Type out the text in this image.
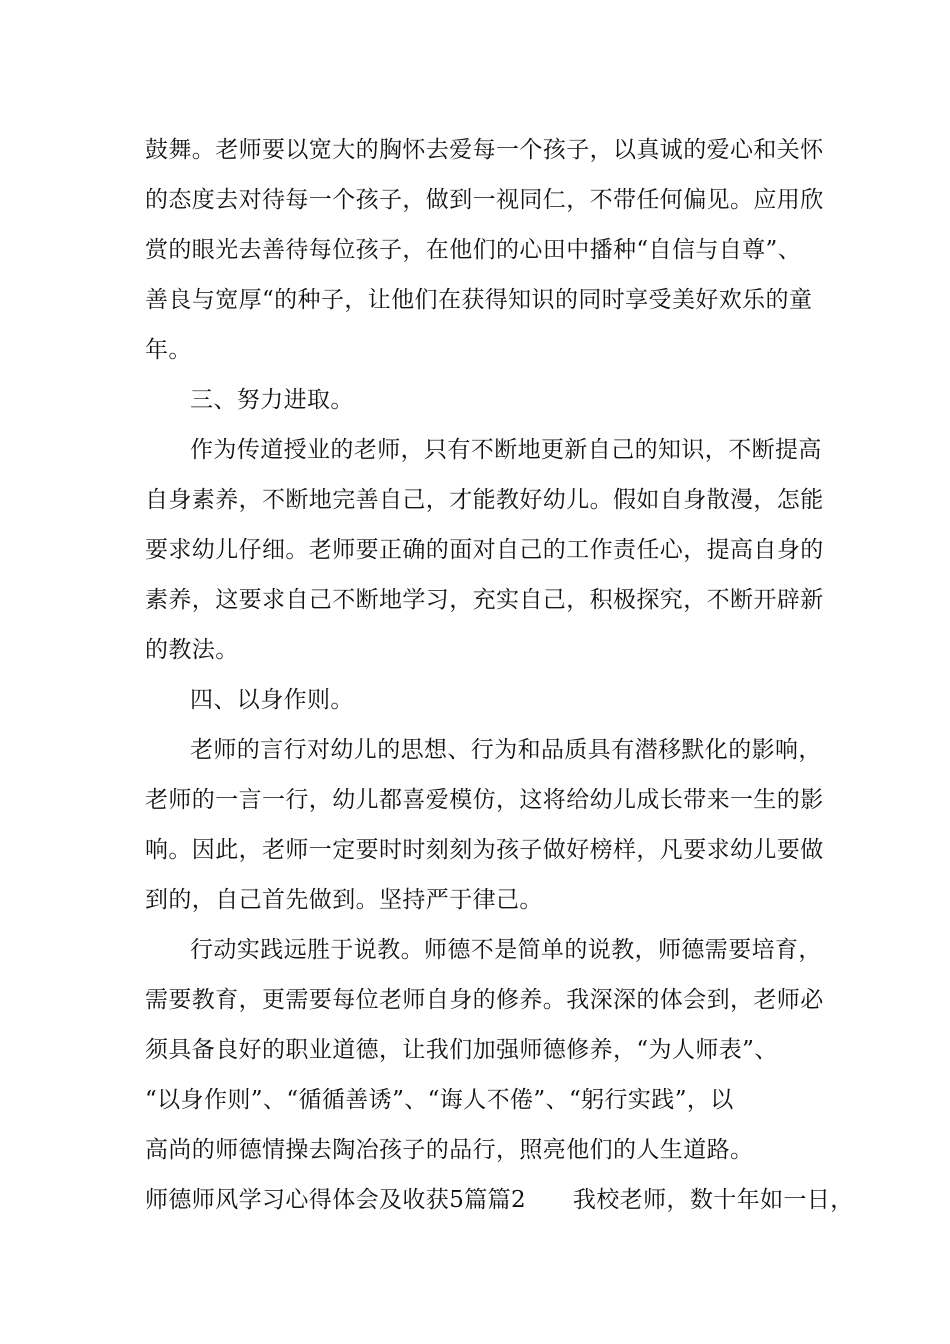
鼓舞。老师要以宽大的胸怀去爱每一个孩子，以真诚的爱心和关怀
的态度去对待每一个孩子，做到一视同仁，不带任何偏见。应用欣
赏的眼光去善待每位孩子，在他们的心田中播种“自信与自尊”、
善良与宽厚“的种子，让他们在获得知识的同时享受美好欢乐的童
年。
三、努力进取。
作为传道授业的老师，只有不断地更新自己的知识，不断提高
自身素养，不断地完善自己，才能教好幼儿。假如自身散漫，怎能
要求幼儿仔细。老师要正确的面对自己的工作责任心，提高自身的
素养，这要求自己不断地学习，充实自己，积极探究，不断开辟新
的教法。
四、以身作则。
老师的言行对幼儿的思想、行为和品质具有潜移默化的影响，
老师的一言一行，幼儿都喜爱模仿，这将给幼儿成长带来一生的影
响。因此，老师一定要时时刻刻为孩子做好榜样，凡要求幼儿要做
到的，自己首先做到。坚持严于律己。
行动实践远胜于说教。师德不是简单的说教，师德需要培育，
需要教育，更需要每位老师自身的修养。我深深的体会到，老师必
须具备良好的职业道德，让我们加强师德修养，“为人师表”、
“以身作则”、“循循善诱”、“诲人不倦”、“躬行实践”，以
高尚的师德情操去陶冶孩子的品行，照亮他们的人生道路。
师德师风学习心得体会及收获5篇篇2　　我校老师，数十年如一日，
